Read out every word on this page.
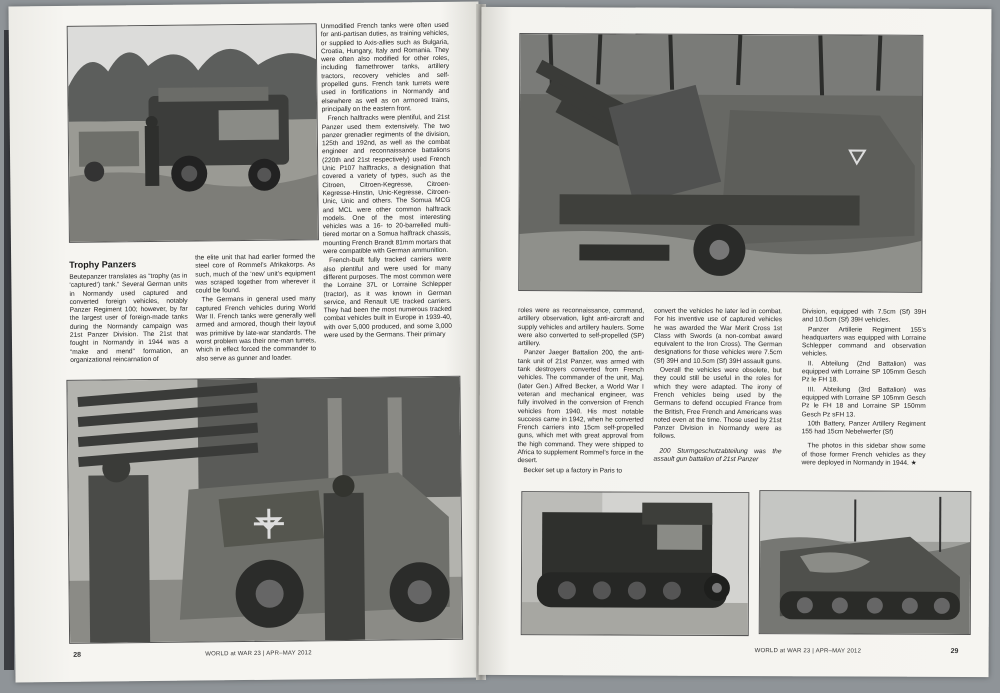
Trophy Panzers

Beutepanzer translates as “trophy (as in ‘captured’) tank.” Several German units in Normandy used captured and converted foreign vehicles, notably Panzer Regiment 100; however, by far the largest user of foreign-made tanks during the Normandy campaign was 21st Panzer Division. The 21st that fought in Normandy in 1944 was a “make and mend” formation, an organizational reincarnation of

the elite unit that had earlier formed the steel core of Rommel’s Afrikakorps. As such, much of the ‘new’ unit’s equipment was scraped together from wherever it could be found.

The Germans in general used many captured French vehicles during World War II. French tanks were generally well armed and armored, though their layout was primitive by late-war standards. The worst problem was their one-man turrets, which in effect forced the commander to also serve as gunner and loader.

Unmodified French tanks were often used for anti-partisan duties, as training vehicles, or supplied to Axis-allies such as Bulgaria, Croatia, Hungary, Italy and Romania. They were often also modified for other roles, including flamethrower tanks, artillery tractors, recovery vehicles and self-propelled guns. French tank turrets were used in fortifications in Normandy and elsewhere as well as on armored trains, principally on the eastern front.

French halftracks were plentiful, and 21st Panzer used them extensively. The two panzer grenadier regiments of the division, 125th and 192nd, as well as the combat engineer and reconnaissance battalions (220th and 21st respectively) used French Unic P107 halftracks, a designation that covered a variety of types, such as the Citroen, Citroen-Kegresse, Citroen-Kegresse-Hinstin, Unic-Kegresse, Citroen-Unic, Unic and others. The Somua MCG and MCL were other common halftrack models. One of the most interesting vehicles was a 16- to 20-barrelled multi-tiered mortar on a Somua halftrack chassis, mounting French Brandt 81mm mortars that were compatible with German ammunition.

French-built fully tracked carriers were also plentiful and were used for many different purposes. The most common were the Lorraine 37L or Lorraine Schlepper (tractor), as it was known in German service, and Renault UE tracked carriers. They had been the most numerous tracked combat vehicles built in Europe in 1939-40, with over 5,000 produced, and some 3,000 were used by the Germans. Their primary

28	WORLD at WAR 23 | APR–MAY 2012

roles were as reconnaissance, command, artillery observation, light anti-aircraft and supply vehicles and artillery haulers. Some were also converted to self-propelled (SP) artillery.

Panzer Jaeger Battalion 200, the anti-tank unit of 21st Panzer, was armed with tank destroyers converted from French vehicles. The commander of the unit, Maj. (later Gen.) Alfred Becker, a World War I veteran and mechanical engineer, was fully involved in the conversion of French vehicles from 1940. His most notable success came in 1942, when he converted French carriers into 15cm self-propelled guns, which met with great approval from the high command. They were shipped to Africa to supplement Rommel’s force in the desert.

Becker set up a factory in Paris to

convert the vehicles he later led in combat. For his inventive use of captured vehicles he was awarded the War Merit Cross 1st Class with Swords (a non-combat award equivalent to the Iron Cross). The German designations for those vehicles were 7.5cm (Sf) 39H and 10.5cm (Sf) 39H assault guns.

Overall the vehicles were obsolete, but they could still be useful in the roles for which they were adapted. The irony of French vehicles being used by the Germans to defend occupied France from the British, Free French and Americans was noted even at the time. Those used by 21st Panzer Division in Normandy were as follows.

200 Sturmgeschutzabteilung was the assault gun battalion of 21st Panzer

Division, equipped with 7.5cm (Sf) 39H and 10.5cm (Sf) 39H vehicles.

Panzer Artillerie Regiment 155’s headquarters was equipped with Lorraine Schlepper command and observation vehicles.

II. Abteilung (2nd Battalion) was equipped with Lorraine SP 105mm Gesch Pz le FH 18.

III. Abteilung (3rd Battalion) was equipped with Lorraine SP 105mm Gesch Pz le FH 18 and Lorraine SP 150mm Gesch Pz sFH 13.

10th Battery, Panzer Artillery Regiment 155 had 15cm Nebelwerfer (Sf)

The photos in this sidebar show some of those former French vehicles as they were deployed in Normandy in 1944. ★

WORLD at WAR 23 | APR–MAY 2012	29
